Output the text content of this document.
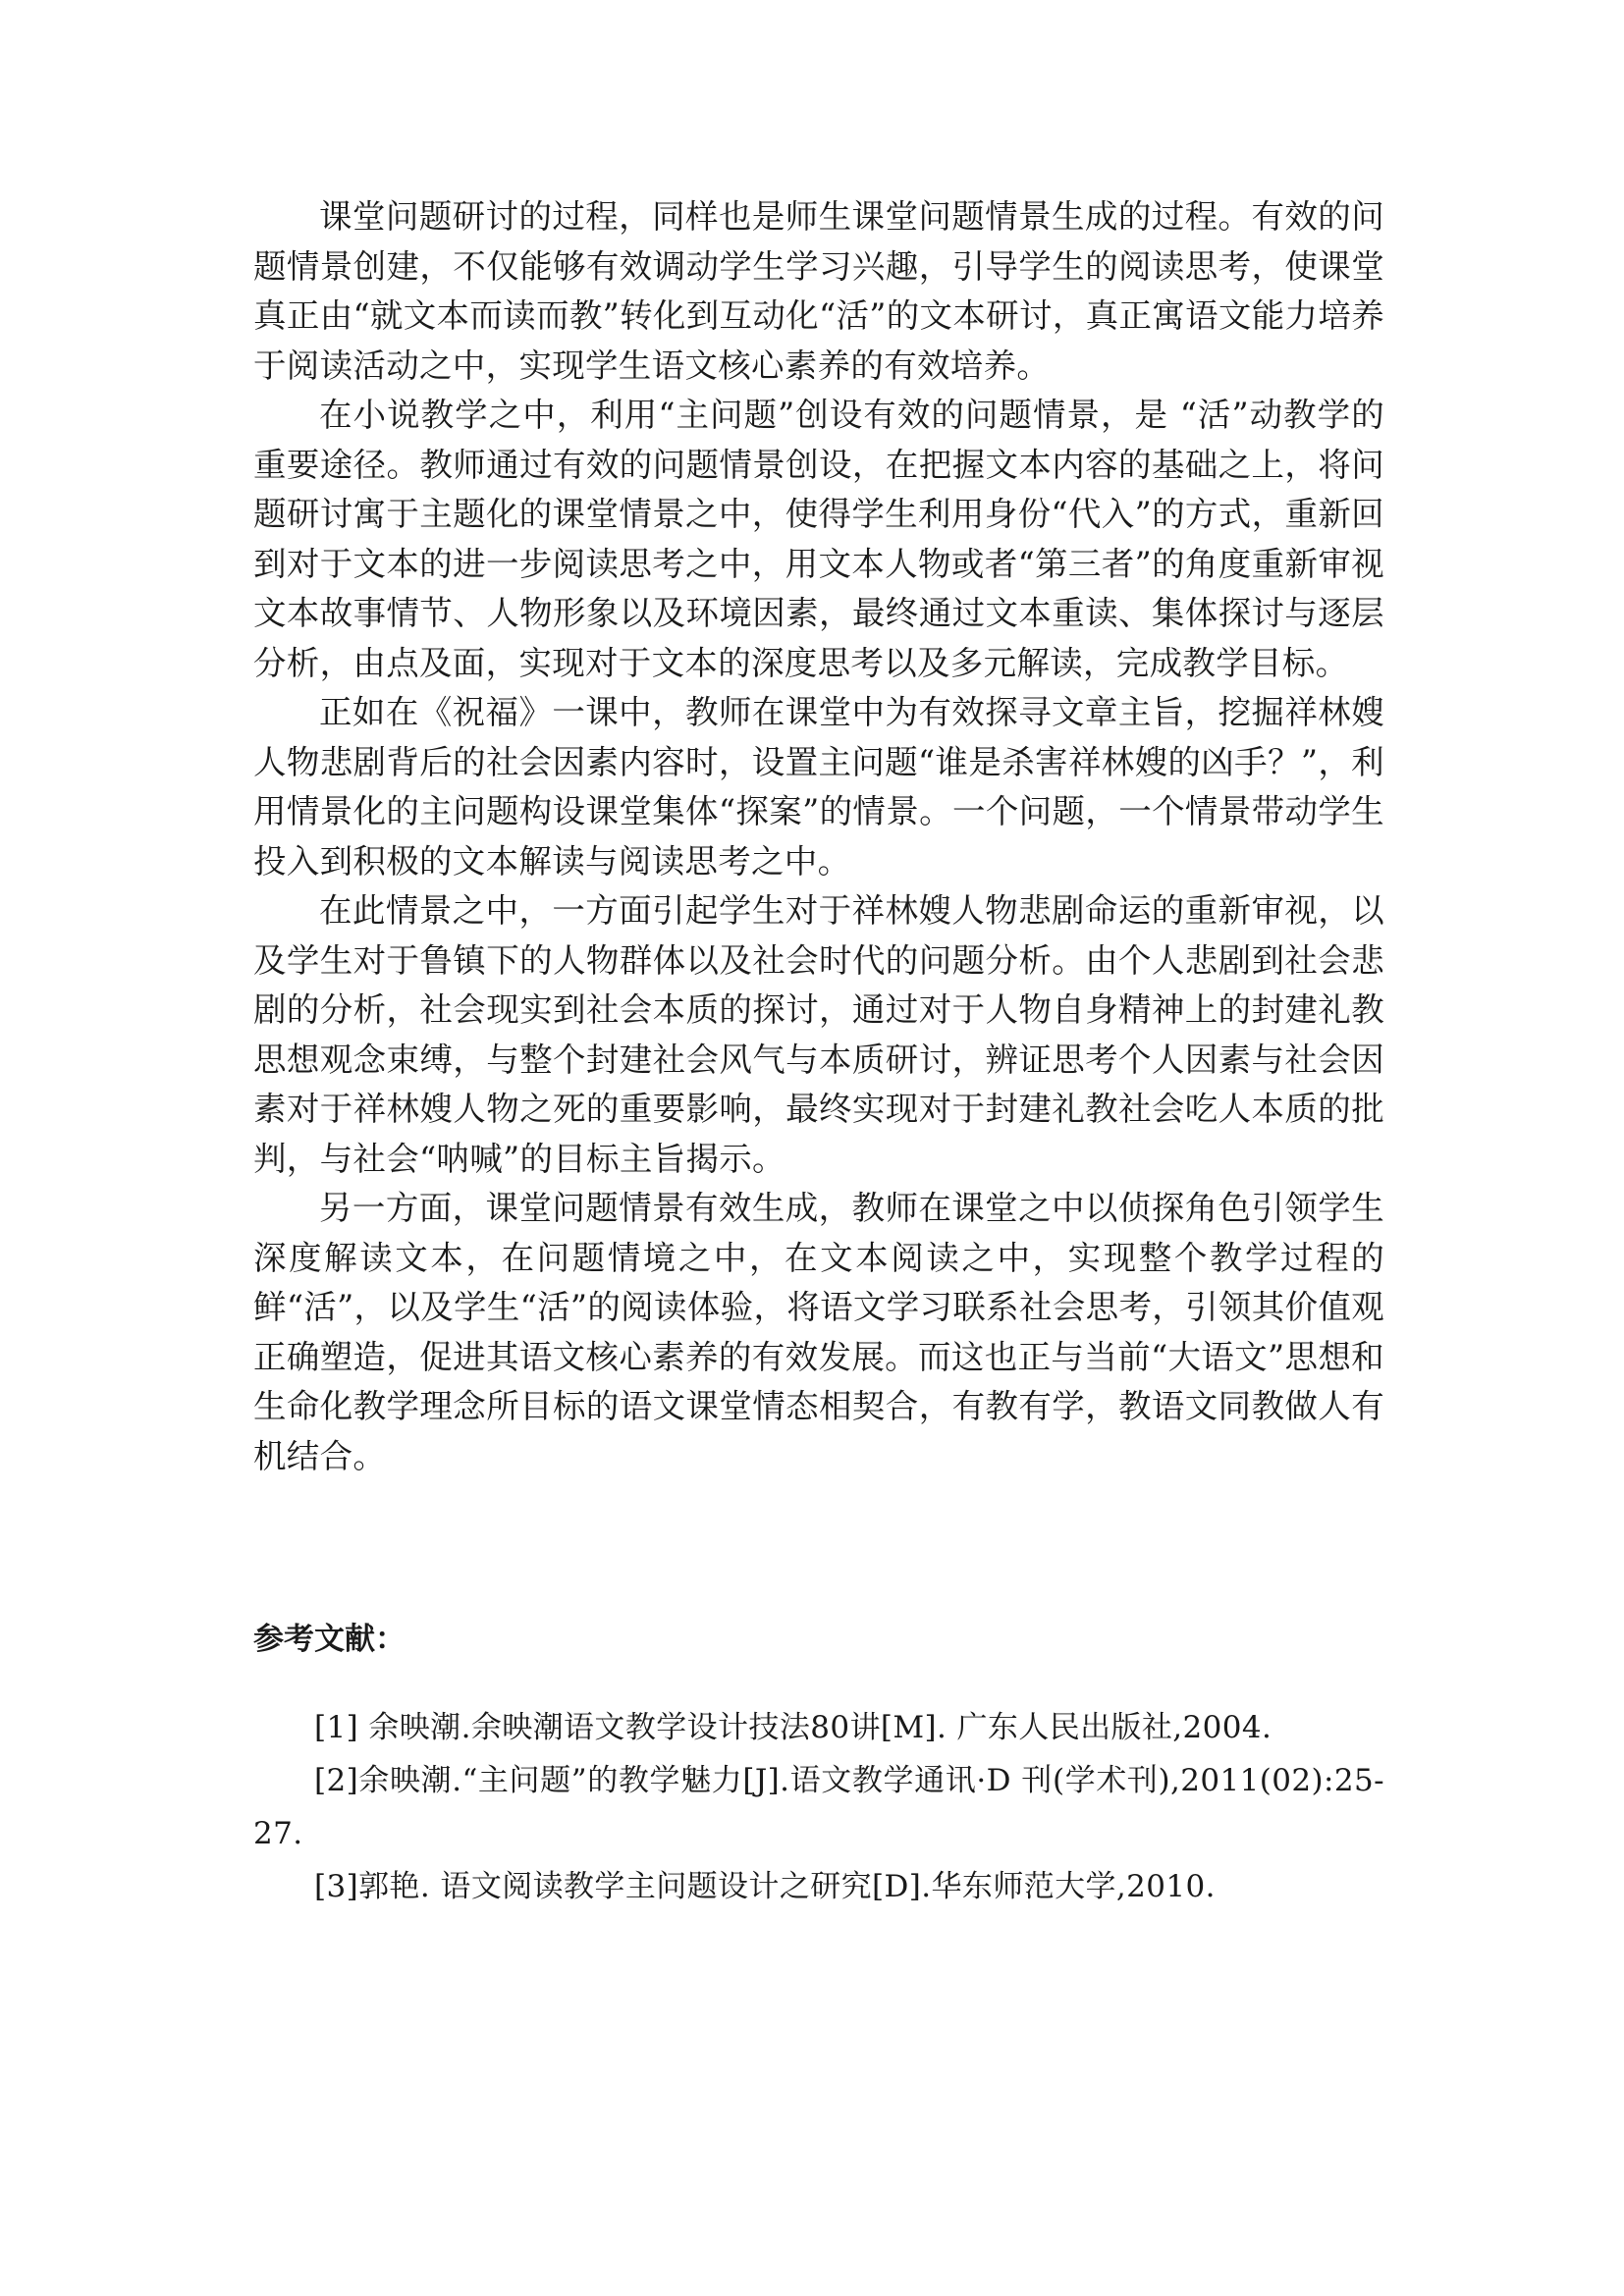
课堂问题研讨的过程，同样也是师生课堂问题情景生成的过程。有效的问题情景创建，不仅能够有效调动学生学习兴趣，引导学生的阅读思考，使课堂真正由“就文本而读而教”转化到互动化“活”的文本研讨，真正寓语文能力培养于阅读活动之中，实现学生语文核心素养的有效培养。

在小说教学之中，利用“主问题”创设有效的问题情景，是 “活”动教学的重要途径。教师通过有效的问题情景创设，在把握文本内容的基础之上，将问题研讨寓于主题化的课堂情景之中，使得学生利用身份“代入”的方式，重新回到对于文本的进一步阅读思考之中，用文本人物或者“第三者”的角度重新审视文本故事情节、人物形象以及环境因素，最终通过文本重读、集体探讨与逐层分析，由点及面，实现对于文本的深度思考以及多元解读，完成教学目标。

正如在《祝福》一课中，教师在课堂中为有效探寻文章主旨，挖掘祥林嫂人物悲剧背后的社会因素内容时，设置主问题“谁是杀害祥林嫂的凶手？”，利用情景化的主问题构设课堂集体“探案”的情景。一个问题，一个情景带动学生投入到积极的文本解读与阅读思考之中。

在此情景之中，一方面引起学生对于祥林嫂人物悲剧命运的重新审视，以及学生对于鲁镇下的人物群体以及社会时代的问题分析。由个人悲剧到社会悲剧的分析，社会现实到社会本质的探讨，通过对于人物自身精神上的封建礼教思想观念束缚，与整个封建社会风气与本质研讨，辨证思考个人因素与社会因素对于祥林嫂人物之死的重要影响，最终实现对于封建礼教社会吃人本质的批判，与社会“呐喊”的目标主旨揭示。

另一方面，课堂问题情景有效生成，教师在课堂之中以侦探角色引领学生深度解读文本，在问题情境之中，在文本阅读之中，实现整个教学过程的鲜“活”，以及学生“活”的阅读体验，将语文学习联系社会思考，引领其价值观正确塑造，促进其语文核心素养的有效发展。而这也正与当前“大语文”思想和生命化教学理念所目标的语文课堂情态相契合，有教有学，教语文同教做人有机结合。

参考文献：
[1] 余映潮.余映潮语文教学设计技法80讲[M]. 广东人民出版社,2004.
[2]余映潮.“主问题”的教学魅力[J].语文教学通讯·D 刊(学术刊),2011(02):25-27.
[3]郭艳. 语文阅读教学主问题设计之研究[D].华东师范大学,2010.
